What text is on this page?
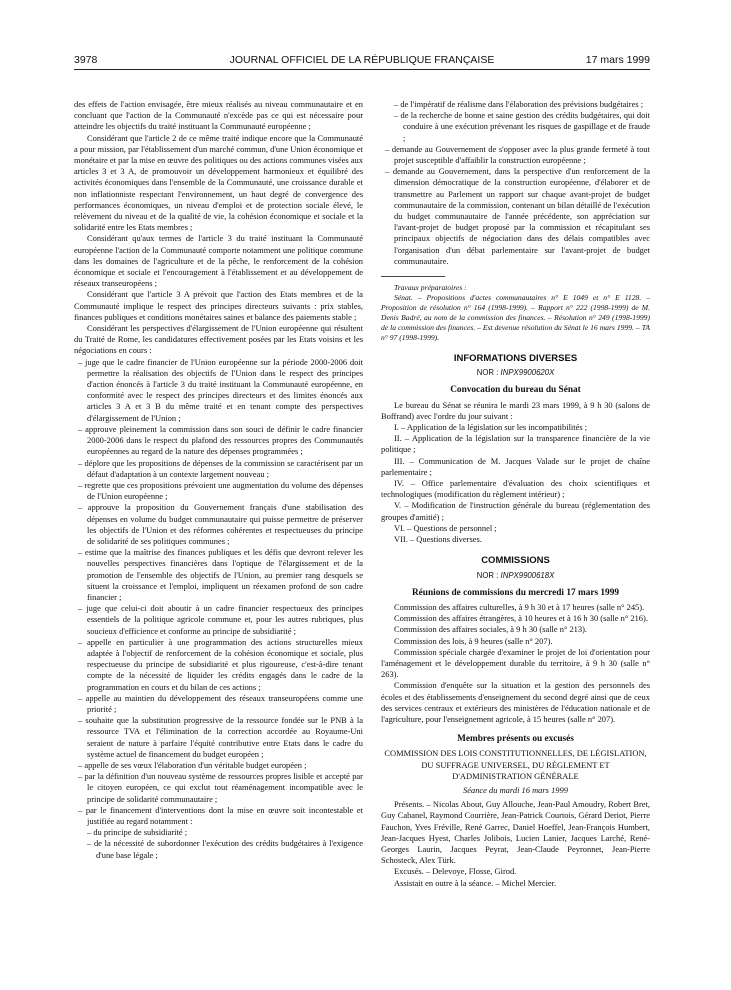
3978	JOURNAL OFFICIEL DE LA RÉPUBLIQUE FRANÇAISE	17 mars 1999

des effets de l'action envisagée, être mieux réalisés au niveau communautaire et en concluant que l'action de la Communauté n'excède pas ce qui est nécessaire pour atteindre les objectifs du traité instituant la Communauté européenne ;

Considérant que l'article 2 de ce même traité indique encore que la Communauté a pour mission, par l'établissement d'un marché commun, d'une Union économique et monétaire et par la mise en œuvre des politiques ou des actions communes visées aux articles 3 et 3 A, de promouvoir un développement harmonieux et équilibré des activités économiques dans l'ensemble de la Communauté, une croissance durable et non inflationniste respectant l'environnement, un haut degré de convergence des performances économiques, un niveau d'emploi et de protection sociale élevé, le relèvement du niveau et de la qualité de vie, la cohésion économique et sociale et la solidarité entre les Etats membres ;

Considérant qu'aux termes de l'article 3 du traité instituant la Communauté européenne l'action de la Communauté comporte notamment une politique commune dans les domaines de l'agriculture et de la pêche, le renforcement de la cohésion économique et sociale et l'encouragement à l'établissement et au développement de réseaux transeuropéens ;

Considérant que l'article 3 A prévoit que l'action des Etats membres et de la Communauté implique le respect des principes directeurs suivants : prix stables, finances publiques et conditions monétaires saines et balance des paiements stable ;

Considérant les perspectives d'élargissement de l'Union européenne qui résultent du Traité de Rome, les candidatures effectivement posées par les Etats voisins et les négociations en cours :

– juge que le cadre financier de l'Union européenne sur la période 2000-2006 doit permettre la réalisation des objectifs de l'Union dans le respect des principes d'action énoncés à l'article 3 du traité instituant la Communauté européenne, en conformité avec le respect des principes directeurs et des limites énoncés aux articles 3 A et 3 B du même traité et en tenant compte des perspectives d'élargissement de l'Union ;

– approuve pleinement la commission dans son souci de définir le cadre financier 2000-2006 dans le respect du plafond des ressources propres des Communautés européennes au regard de la nature des dépenses programmées ;

– déplore que les propositions de dépenses de la commission se caractérisent par un défaut d'adaptation à un contexte largement nouveau ;

– regrette que ces propositions prévoient une augmentation du volume des dépenses de l'Union européenne ;

– approuve la proposition du Gouvernement français d'une stabilisation des dépenses en volume du budget communautaire qui puisse permettre de préserver les objectifs de l'Union et des réformes cohérentes et respectueuses du principe de solidarité de ses politiques communes ;

– estime que la maîtrise des finances publiques et les défis que devront relever les nouvelles perspectives financières dans l'optique de l'élargissement et de la promotion de l'ensemble des objectifs de l'Union, au premier rang desquels se situent la croissance et l'emploi, impliquent un réexamen profond de son cadre financier ;

– juge que celui-ci doit aboutir à un cadre financier respectueux des principes essentiels de la politique agricole commune et, pour les autres rubriques, plus soucieux d'efficience et conforme au principe de subsidiarité ;

– appelle en particulier à une programmation des actions structurelles mieux adaptée à l'objectif de renforcement de la cohésion économique et sociale, plus respectueuse du principe de subsidiarité et plus rigoureuse, c'est-à-dire tenant compte de la nécessité de liquider les crédits engagés dans le cadre de la programmation en cours et du bilan de ces actions ;

– appelle au maintien du développement des réseaux transeuropéens comme une priorité ;

– souhaite que la substitution progressive de la ressource fondée sur le PNB à la ressource TVA et l'élimination de la correction accordée au Royaume-Uni seraient de nature à parfaire l'équité contributive entre Etats dans le cadre du système actuel de financement du budget européen ;

– appelle de ses vœux l'élaboration d'un véritable budget européen ;

– par la définition d'un nouveau système de ressources propres lisible et accepté par le citoyen européen, ce qui exclut tout réaménagement incompatible avec le principe de solidarité communautaire ;

– par le financement d'interventions dont la mise en œuvre soit incontestable et justifiée au regard notamment :

– du principe de subsidiarité ;

– de la nécessité de subordonner l'exécution des crédits budgétaires à l'exigence d'une base légale ;

– de l'impératif de réalisme dans l'élaboration des prévisions budgétaires ;

– de la recherche de bonne et saine gestion des crédits budgétaires, qui doit conduire à une exécution prévenant les risques de gaspillage et de fraude ;

– demande au Gouvernement de s'opposer avec la plus grande fermeté à tout projet susceptible d'affaiblir la construction européenne ;

– demande au Gouvernement, dans la perspective d'un renforcement de la dimension démocratique de la construction européenne, d'élaborer et de transmettre au Parlement un rapport sur chaque avant-projet de budget communautaire de la commission, contenant un bilan détaillé de l'exécution du budget communautaire de l'année précédente, son appréciation sur l'avant-projet de budget proposé par la commission et récapitulant ses principaux objectifs de négociation dans des délais compatibles avec l'organisation d'un débat parlementaire sur l'avant-projet de budget communautaire.

Travaux préparatoires :

Sénat. – Propositions d'actes communautaires n° E 1049 et n° E 1128. – Proposition de résolution n° 164 (1998-1999). – Rapport n° 222 (1998-1999) de M. Denis Badré, au nom de la commission des finances. – Résolution n° 249 (1998-1999) de la commission des finances. – Est devenue résolution du Sénat le 16 mars 1999. – TA n° 97 (1998-1999).

INFORMATIONS DIVERSES
NOR : INPX9900620X
Convocation du bureau du Sénat

Le bureau du Sénat se réunira le mardi 23 mars 1999, à 9 h 30 (salons de Boffrand) avec l'ordre du jour suivant :

I. – Application de la législation sur les incompatibilités ;

II. – Application de la législation sur la transparence financière de la vie politique ;

III. – Communication de M. Jacques Valade sur le projet de chaîne parlementaire ;

IV. – Office parlementaire d'évaluation des choix scientifiques et technologiques (modification du règlement intérieur) ;

V. – Modification de l'instruction générale du bureau (réglementation des groupes d'amitié) ;

VI. – Questions de personnel ;

VII. – Questions diverses.

COMMISSIONS
NOR : INPX9900618X
Réunions de commissions du mercredi 17 mars 1999

Commission des affaires culturelles, à 9 h 30 et à 17 heures (salle n° 245).

Commission des affaires étrangères, à 10 heures et à 16 h 30 (salle n° 216).

Commission des affaires sociales, à 9 h 30 (salle n° 213).

Commission des lois, à 9 heures (salle n° 207).

Commission spéciale chargée d'examiner le projet de loi d'orientation pour l'aménagement et le développement durable du territoire, à 9 h 30 (salle n° 263).

Commission d'enquête sur la situation et la gestion des personnels des écoles et des établissements d'enseignement du second degré ainsi que de ceux des services centraux et extérieurs des ministères de l'éducation nationale et de l'agriculture, pour l'enseignement agricole, à 15 heures (salle n° 207).

Membres présents ou excusés

COMMISSION DES LOIS CONSTITUTIONNELLES, DE LÉGISLATION, DU SUFFRAGE UNIVERSEL, DU RÈGLEMENT ET D'ADMINISTRATION GÉNÉRALE

Séance du mardi 16 mars 1999

Présents. – Nicolas About, Guy Allouche, Jean-Paul Amoudry, Robert Bret, Guy Cabanel, Raymond Courrière, Jean-Patrick Courtois, Gérard Deriot, Pierre Fauchon, Yves Fréville, René Garrec, Daniel Hoeffel, Jean-François Humbert, Jean-Jacques Hyest, Charles Jolibois, Lucien Lanier, Jacques Larché, René-Georges Laurin, Jacques Peyrat, Jean-Claude Peyronnet, Jean-Pierre Schosteck, Alex Türk.

Excusés. – Delevoye, Flosse, Girod.

Assistait en outre à la séance. – Michel Mercier.
